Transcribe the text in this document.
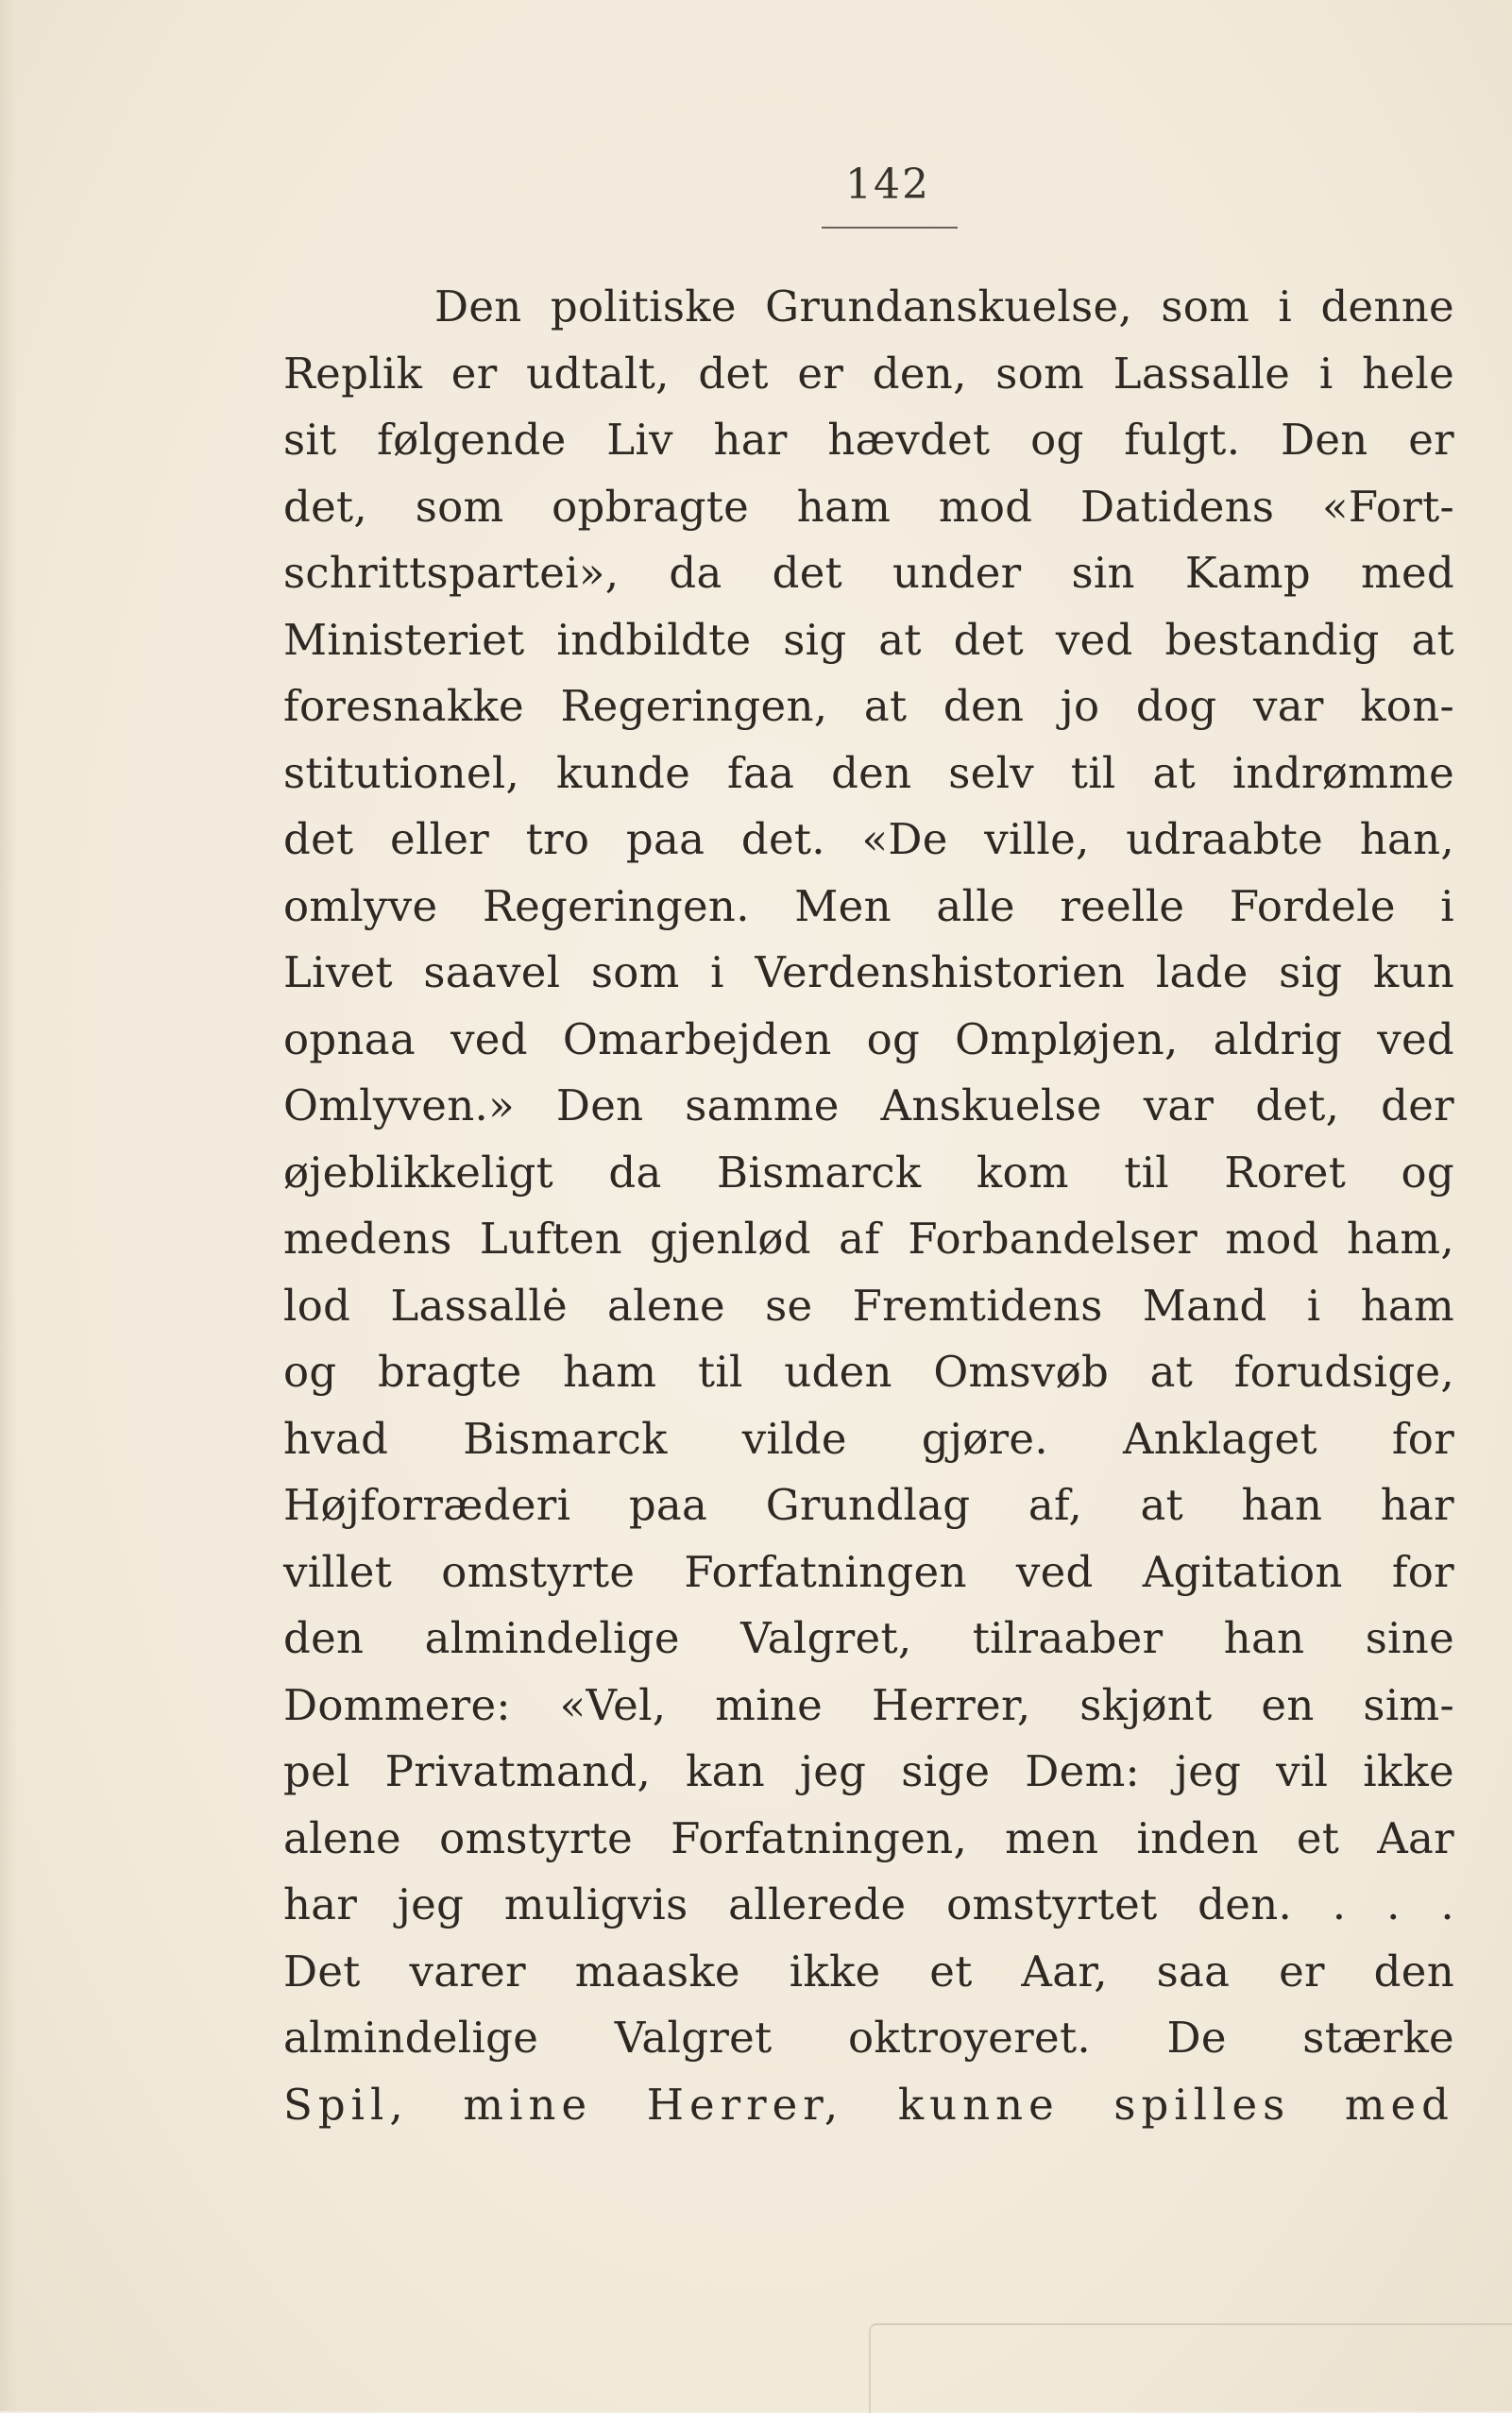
142
Den politiske Grundanskuelse, som i denne
Replik er udtalt, det er den, som Lassalle i hele
sit følgende Liv har hævdet og fulgt. Den er
det, som opbragte ham mod Datidens «Fort-
schrittspartei», da det under sin Kamp med
Ministeriet indbildte sig at det ved bestandig at
foresnakke Regeringen, at den jo dog var kon-
stitutionel, kunde faa den selv til at indrømme
det eller tro paa det. «De ville, udraabte han,
omlyve Regeringen. Men alle reelle Fordele i
Livet saavel som i Verdenshistorien lade sig kun
opnaa ved Omarbejden og Ompløjen, aldrig ved
Omlyven.» Den samme Anskuelse var det, der
øjeblikkeligt da Bismarck kom til Roret og
medens Luften gjenlød af Forbandelser mod ham,
lod Lassallė alene se Fremtidens Mand i ham
og bragte ham til uden Omsvøb at forudsige,
hvad Bismarck vilde gjøre. Anklaget for
Højforræderi paa Grundlag af, at han har
villet omstyrte Forfatningen ved Agitation for
den almindelige Valgret, tilraaber han sine
Dommere: «Vel, mine Herrer, skjønt en sim-
pel Privatmand, kan jeg sige Dem: jeg vil ikke
alene omstyrte Forfatningen, men inden et Aar
har jeg muligvis allerede omstyrtet den. . . .
Det varer maaske ikke et Aar, saa er den
almindelige Valgret oktroyeret. De stærke
Spil, mine Herrer, kunne spilles med
